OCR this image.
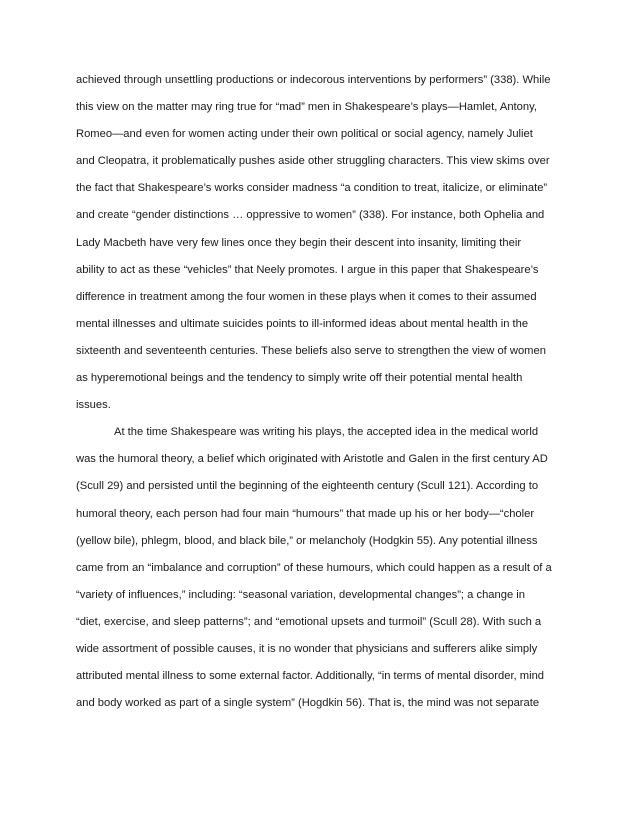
achieved through unsettling productions or indecorous interventions by performers” (338). While
this view on the matter may ring true for “mad” men in Shakespeare’s plays—Hamlet, Antony,
Romeo—and even for women acting under their own political or social agency, namely Juliet
and Cleopatra, it problematically pushes aside other struggling characters. This view skims over
the fact that Shakespeare’s works consider madness “a condition to treat, italicize, or eliminate”
and create “gender distinctions … oppressive to women” (338). For instance, both Ophelia and
Lady Macbeth have very few lines once they begin their descent into insanity, limiting their
ability to act as these “vehicles” that Neely promotes. I argue in this paper that Shakespeare’s
difference in treatment among the four women in these plays when it comes to their assumed
mental illnesses and ultimate suicides points to ill-informed ideas about mental health in the
sixteenth and seventeenth centuries. These beliefs also serve to strengthen the view of women
as hyperemotional beings and the tendency to simply write off their potential mental health
issues.
At the time Shakespeare was writing his plays, the accepted idea in the medical world
was the humoral theory, a belief which originated with Aristotle and Galen in the first century AD
(Scull 29) and persisted until the beginning of the eighteenth century (Scull 121). According to
humoral theory, each person had four main “humours” that made up his or her body—“choler
(yellow bile), phlegm, blood, and black bile,” or melancholy (Hodgkin 55). Any potential illness
came from an “imbalance and corruption” of these humours, which could happen as a result of a
“variety of influences,” including: “seasonal variation, developmental changes”; a change in
“diet, exercise, and sleep patterns”; and “emotional upsets and turmoil” (Scull 28). With such a
wide assortment of possible causes, it is no wonder that physicians and sufferers alike simply
attributed mental illness to some external factor. Additionally, “in terms of mental disorder, mind
and body worked as part of a single system” (Hogdkin 56). That is, the mind was not separate
